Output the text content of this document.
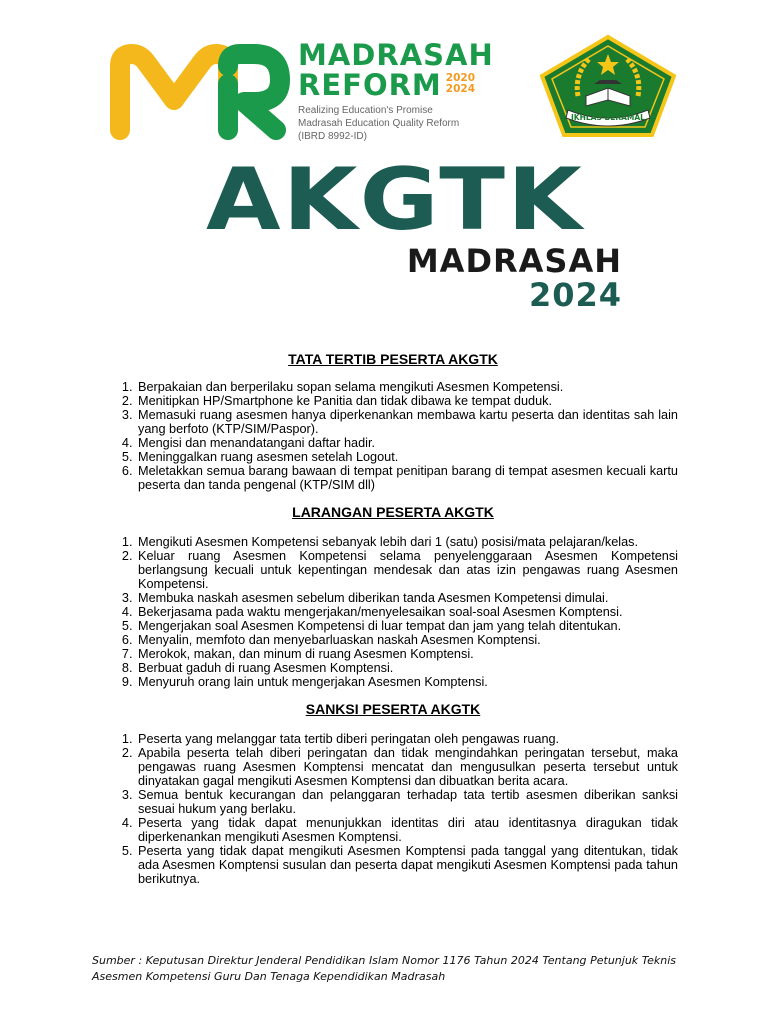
MADRASAH
REFORM 2020
2024
Realizing Education's Promise
Madrasah Education Quality Reform
(IBRD 8992-ID)
IKHLAS BERAMAL
AKGTK
MADRASAH
2024
TATA TERTIB PESERTA AKGTK
1. Berpakaian dan berperilaku sopan selama mengikuti Asesmen Kompetensi.
2. Menitipkan HP/Smartphone ke Panitia dan tidak dibawa ke tempat duduk.
3. Memasuki ruang asesmen hanya diperkenankan membawa kartu peserta dan identitas sah lain yang berfoto (KTP/SIM/Paspor).
4. Mengisi dan menandatangani daftar hadir.
5. Meninggalkan ruang asesmen setelah Logout.
6. Meletakkan semua barang bawaan di tempat penitipan barang di tempat asesmen kecuali kartu peserta dan tanda pengenal (KTP/SIM dll)
LARANGAN PESERTA AKGTK
1. Mengikuti Asesmen Kompetensi sebanyak lebih dari 1 (satu) posisi/mata pelajaran/kelas.
2. Keluar ruang Asesmen Kompetensi selama penyelenggaraan Asesmen Kompetensi berlangsung kecuali untuk kepentingan mendesak dan atas izin pengawas ruang Asesmen Kompetensi.
3. Membuka naskah asesmen sebelum diberikan tanda Asesmen Kompetensi dimulai.
4. Bekerjasama pada waktu mengerjakan/menyelesaikan soal-soal Asesmen Komptensi.
5. Mengerjakan soal Asesmen Kompetensi di luar tempat dan jam yang telah ditentukan.
6. Menyalin, memfoto dan menyebarluaskan naskah Asesmen Komptensi.
7. Merokok, makan, dan minum di ruang Asesmen Komptensi.
8. Berbuat gaduh di ruang Asesmen Komptensi.
9. Menyuruh orang lain untuk mengerjakan Asesmen Komptensi.
SANKSI PESERTA AKGTK
1. Peserta yang melanggar tata tertib diberi peringatan oleh pengawas ruang.
2. Apabila peserta telah diberi peringatan dan tidak mengindahkan peringatan tersebut, maka pengawas ruang Asesmen Komptensi mencatat dan mengusulkan peserta tersebut untuk dinyatakan gagal mengikuti Asesmen Komptensi dan dibuatkan berita acara.
3. Semua bentuk kecurangan dan pelanggaran terhadap tata tertib asesmen diberikan sanksi sesuai hukum yang berlaku.
4. Peserta yang tidak dapat menunjukkan identitas diri atau identitasnya diragukan tidak diperkenankan mengikuti Asesmen Komptensi.
5. Peserta yang tidak dapat mengikuti Asesmen Komptensi pada tanggal yang ditentukan, tidak ada Asesmen Komptensi susulan dan peserta dapat mengikuti Asesmen Komptensi pada tahun berikutnya.
Sumber : Keputusan Direktur Jenderal Pendidikan Islam Nomor 1176 Tahun 2024 Tentang Petunjuk Teknis Asesmen Kompetensi Guru Dan Tenaga Kependidikan Madrasah
